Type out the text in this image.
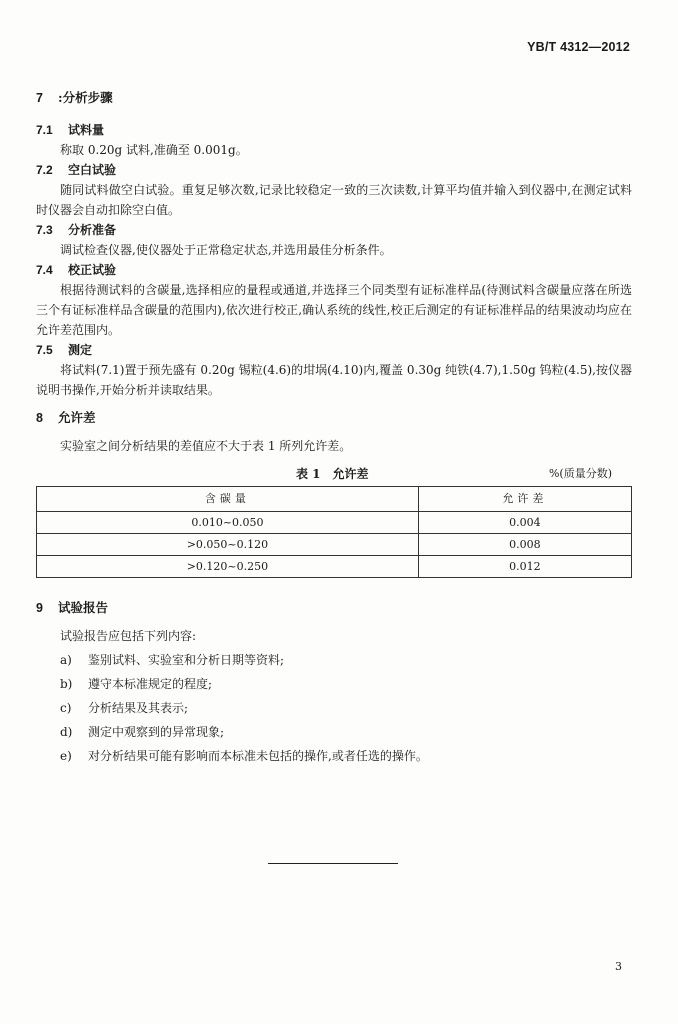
YB/T 4312—2012

7 :分析步骤

7.1 试料量

称取 0.20g 试料,准确至 0.001g。

7.2 空白试验

随同试料做空白试验。重复足够次数,记录比较稳定一致的三次读数,计算平均值并输入到仪器中,在测定试料时仪器会自动扣除空白值。

7.3 分析准备

调试检查仪器,使仪器处于正常稳定状态,并选用最佳分析条件。

7.4 校正试验

根据待测试料的含碳量,选择相应的量程或通道,并选择三个同类型有证标准样品(待测试料含碳量应落在所选三个有证标准样品含碳量的范围内),依次进行校正,确认系统的线性,校正后测定的有证标准样品的结果波动均应在允许差范围内。

7.5 测定

将试料(7.1)置于预先盛有 0.20g 锡粒(4.6)的坩埚(4.10)内,覆盖 0.30g 纯铁(4.7),1.50g 钨粒(4.5),按仪器说明书操作,开始分析并读取结果。

8 允许差

实验室之间分析结果的差值应不大于表 1 所列允许差。

表 1 允许差	%(质量分数)
含碳量	允许差
0.010~0.050	0.004
>0.050~0.120	0.008
>0.120~0.250	0.012

9 试验报告

试验报告应包括下列内容:

a) 鉴别试料、实验室和分析日期等资料;
b) 遵守本标准规定的程度;
c) 分析结果及其表示;
d) 测定中观察到的异常现象;
e) 对分析结果可能有影响而本标准未包括的操作,或者任选的操作。
3
